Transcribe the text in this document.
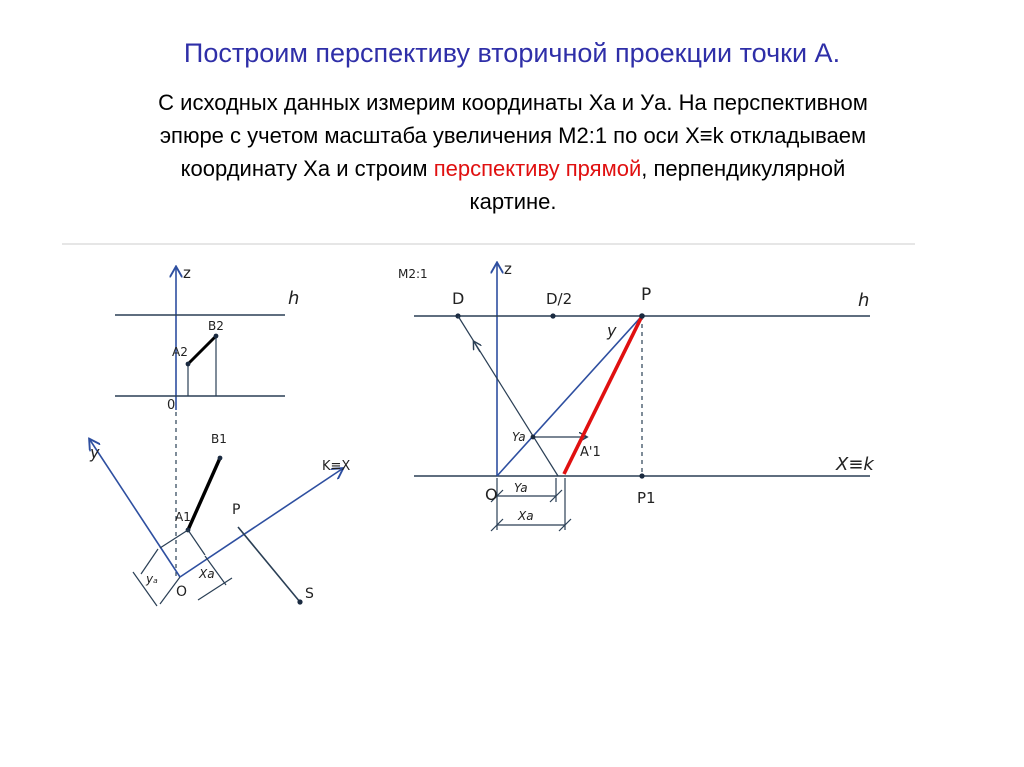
Построим перспективу вторичной проекции точки А.
С исходных данных измерим координаты Ха и Уа. На перспективном
эпюре с учетом масштаба увеличения М2:1 по оси Х≡k откладываем
координату Ха и строим перспективу прямой, перпендикулярной
картине.
z
h
A2
B2
0
y
B1
A1
K≡X
P
S
O
yₐ	Xa
M2:1	z
D	D/2	P	h
y
Ya
A'1
X≡k
O	P1
Ya
Xa
